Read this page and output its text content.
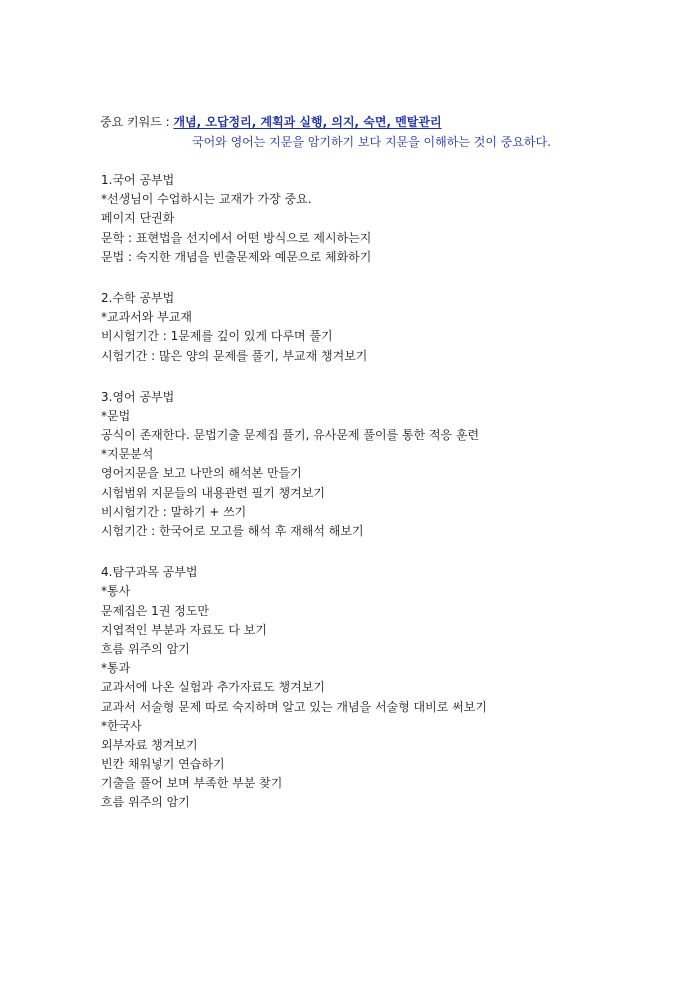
중요 키워드 : 개념, 오답정리, 계획과 실행, 의지, 숙면, 멘탈관리
국어와 영어는 지문을 암기하기 보다 지문을 이해하는 것이 중요하다.
1.국어 공부법
*선생님이 수업하시는 교재가 가장 중요.
페이지 단권화
문학 : 표현법을 선지에서 어떤 방식으로 제시하는지
문법 : 숙지한 개념을 빈출문제와 예문으로 체화하기
2.수학 공부법
*교과서와 부교재
비시험기간 : 1문제를 깊이 있게 다루며 풀기
시험기간 : 많은 양의 문제를 풀기, 부교재 챙겨보기
3.영어 공부법
*문법
공식이 존재한다. 문법기출 문제집 풀기, 유사문제 풀이를 통한 적응 훈련
*지문분석
영어지문을 보고 나만의 해석본 만들기
시험범위 지문들의 내용관련 필기 챙겨보기
비시험기간 : 말하기 + 쓰기
시험기간 : 한국어로 모고를 해석 후 재해석 해보기
4.탐구과목 공부법
*통사
문제집은 1권 정도만
지엽적인 부분과 자료도 다 보기
흐름 위주의 암기
*통과
교과서에 나온 실험과 추가자료도 챙겨보기
교과서 서술형 문제 따로 숙지하며 알고 있는 개념을 서술형 대비로 써보기
*한국사
외부자료 챙겨보기
빈칸 채워넣기 연습하기
기출을 풀어 보며 부족한 부분 찾기
흐름 위주의 암기
